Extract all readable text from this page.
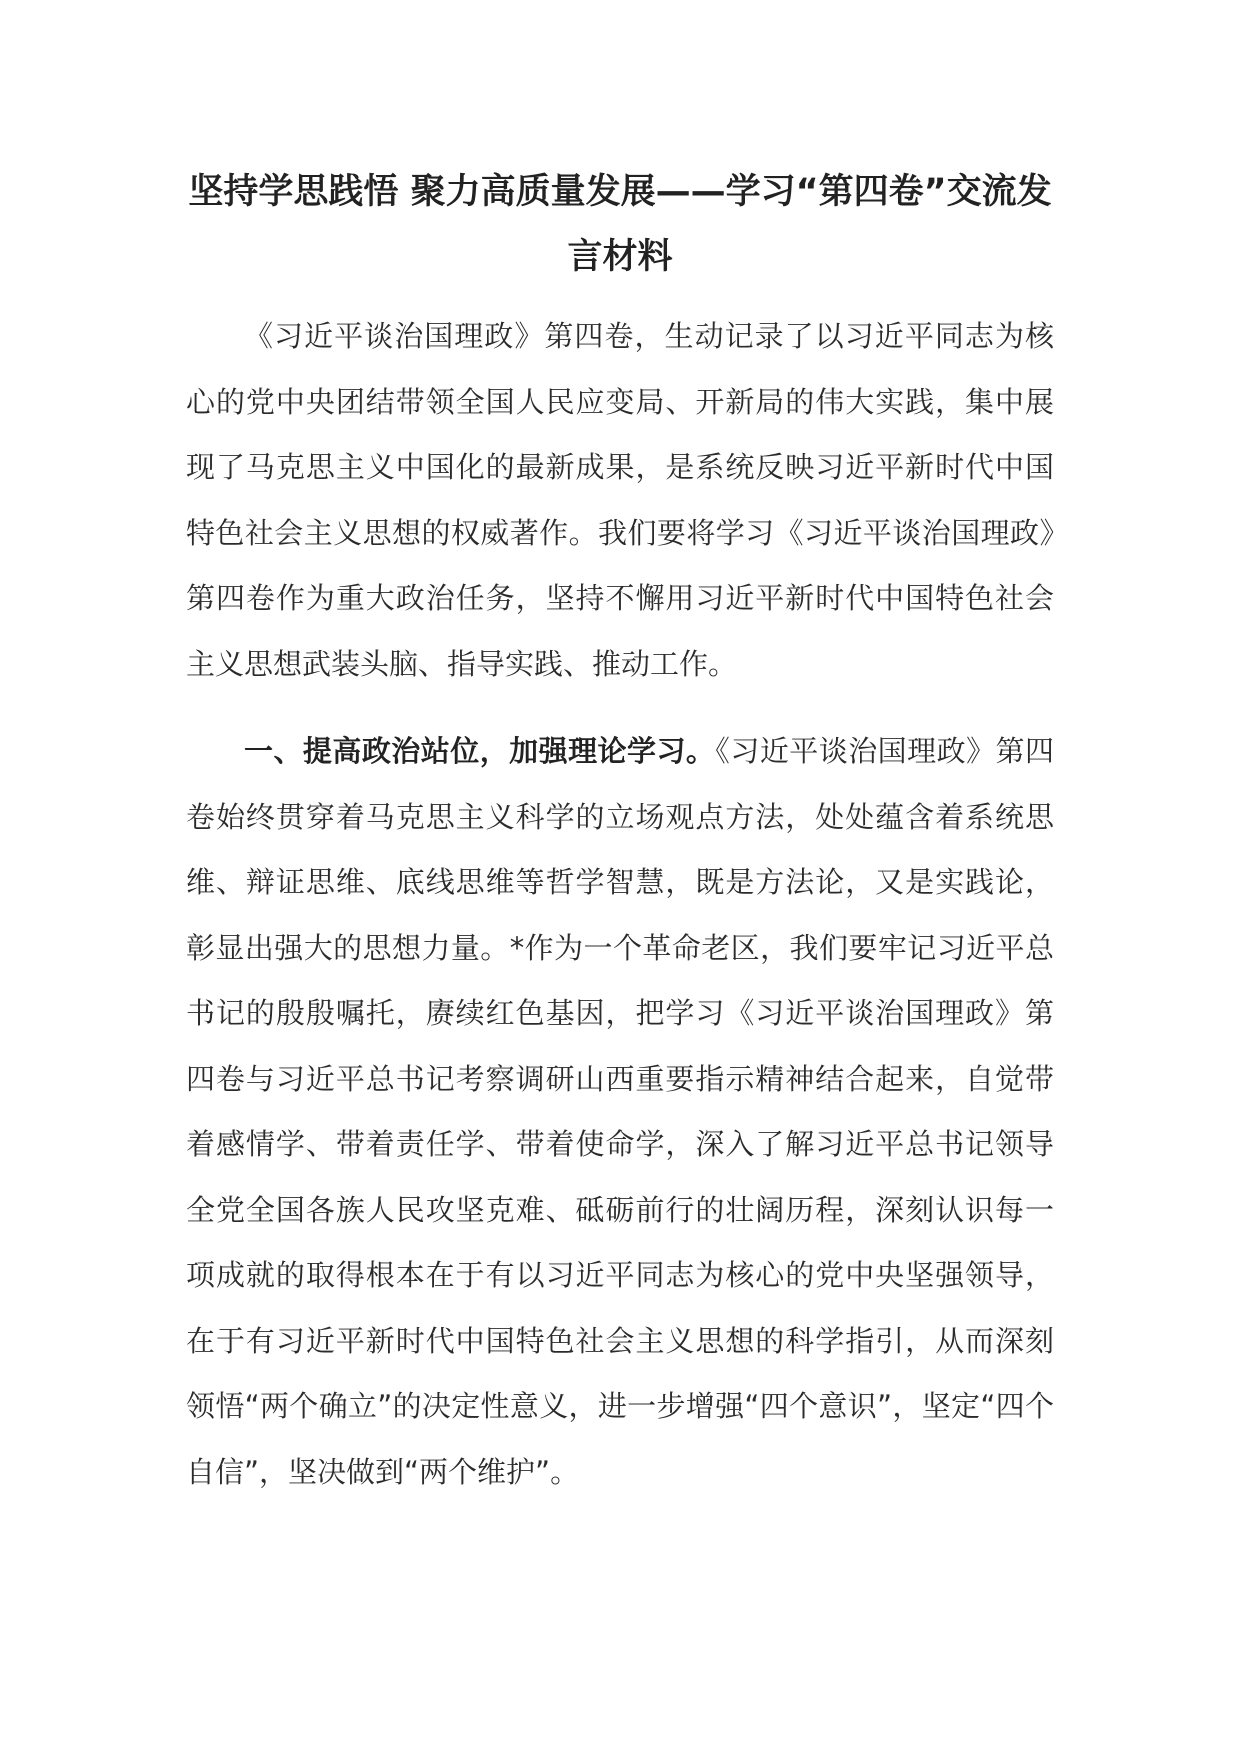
坚持学思践悟 聚力高质量发展——学习“第四卷”交流发言材料

《习近平谈治国理政》第四卷，生动记录了以习近平同志为核心的党中央团结带领全国人民应变局、开新局的伟大实践，集中展现了马克思主义中国化的最新成果，是系统反映习近平新时代中国特色社会主义思想的权威著作。我们要将学习《习近平谈治国理政》第四卷作为重大政治任务，坚持不懈用习近平新时代中国特色社会主义思想武装头脑、指导实践、推动工作。

一、提高政治站位，加强理论学习。《习近平谈治国理政》第四卷始终贯穿着马克思主义科学的立场观点方法，处处蕴含着系统思维、辩证思维、底线思维等哲学智慧，既是方法论，又是实践论，彰显出强大的思想力量。*作为一个革命老区，我们要牢记习近平总书记的殷殷嘱托，赓续红色基因，把学习《习近平谈治国理政》第四卷与习近平总书记考察调研山西重要指示精神结合起来，自觉带着感情学、带着责任学、带着使命学，深入了解习近平总书记领导全党全国各族人民攻坚克难、砥砺前行的壮阔历程，深刻认识每一项成就的取得根本在于有以习近平同志为核心的党中央坚强领导，在于有习近平新时代中国特色社会主义思想的科学指引，从而深刻领悟“两个确立”的决定性意义，进一步增强“四个意识”，坚定“四个自信”，坚决做到“两个维护”。
